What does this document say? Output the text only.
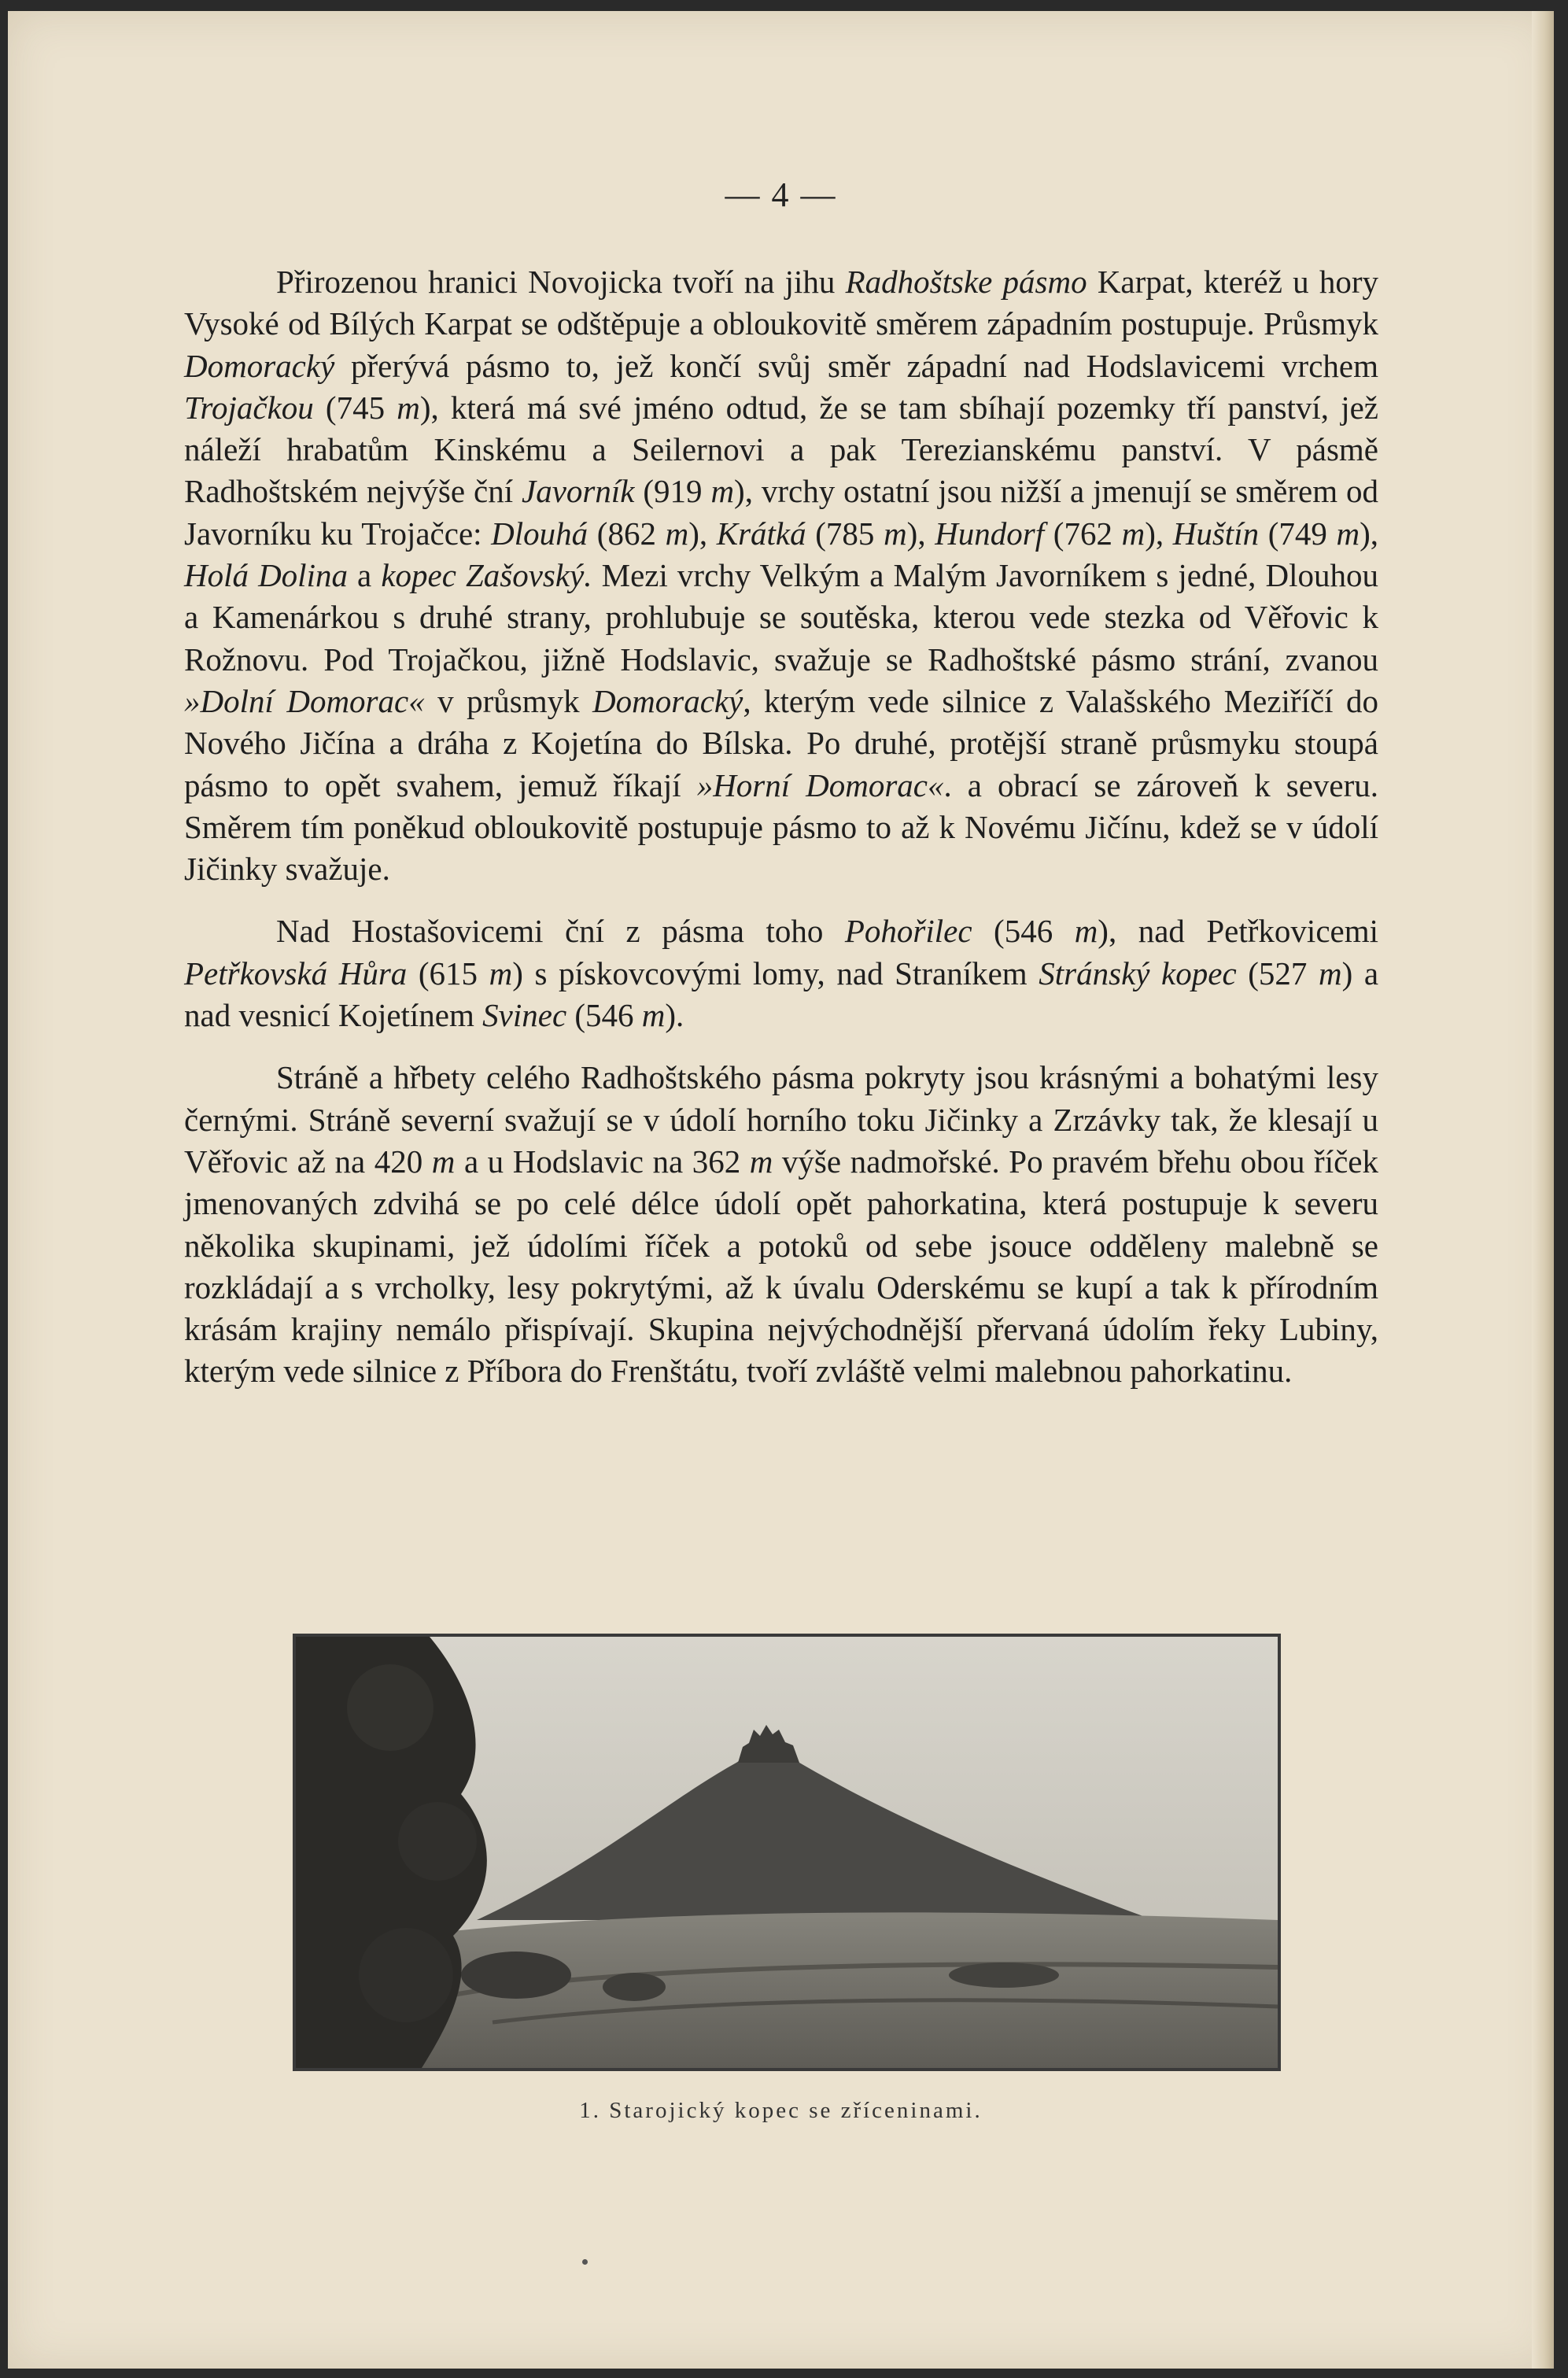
— 4 —

Přirozenou hranici Novojicka tvoří na jihu Radhoštske pásmo Karpat, kteréž u hory Vysoké od Bílých Karpat se odštěpuje a obloukovitě směrem západním postupuje. Průsmyk Domoracký přerývá pásmo to, jež končí svůj směr západní nad Hodslavicemi vrchem Trojačkou (745 m), která má své jméno odtud, že se tam sbíhají pozemky tří panství, jež náleží hrabatům Kinskému a Seilernovi a pak Terezianskému panství. V pásmě Radhoštském nejvýše ční Javorník (919 m), vrchy ostatní jsou nižší a jmenují se směrem od Javorníku ku Trojačce: Dlouhá (862 m), Krátká (785 m), Hundorf (762 m), Huštín (749 m), Holá Dolina a kopec Zašovský. Mezi vrchy Velkým a Malým Javorníkem s jedné, Dlouhou a Kamenárkou s druhé strany, prohlubuje se soutěska, kterou vede stezka od Věřovic k Rožnovu. Pod Trojačkou, jižně Hodslavic, svažuje se Radhoštské pásmo strání, zvanou »Dolní Domorac« v průsmyk Domoracký, kterým vede silnice z Valašského Meziříčí do Nového Jičína a dráha z Kojetína do Bílska. Po druhé, protější straně průsmyku stoupá pásmo to opět svahem, jemuž říkají »Horní Domorac«. a obrací se zároveň k severu. Směrem tím poněkud obloukovitě postupuje pásmo to až k Novému Jičínu, kdež se v údolí Jičinky svažuje.

Nad Hostašovicemi ční z pásma toho Pohořilec (546 m), nad Petřkovicemi Petřkovská Hůra (615 m) s pískovcovými lomy, nad Straníkem Stránský kopec (527 m) a nad vesnicí Kojetínem Svinec (546 m).

Stráně a hřbety celého Radhoštského pásma pokryty jsou krásnými a bohatými lesy černými. Stráně severní svažují se v údolí horního toku Jičinky a Zrzávky tak, že klesají u Věřovic až na 420 m a u Hodslavic na 362 m výše nadmořské. Po pravém břehu obou říček jmenovaných zdvihá se po celé délce údolí opět pahorkatina, která postupuje k severu několika skupinami, jež údolími říček a potoků od sebe jsouce odděleny malebně se rozkládají a s vrcholky, lesy pokrytými, až k úvalu Oderskému se kupí a tak k přírodním krásám krajiny nemálo přispívají. Skupina nejvýchodnější přervaná údolím řeky Lubiny, kterým vede silnice z Příbora do Frenštátu, tvoří zvláště velmi malebnou pahorkatinu.

1. Starojický kopec se zříceninami.
